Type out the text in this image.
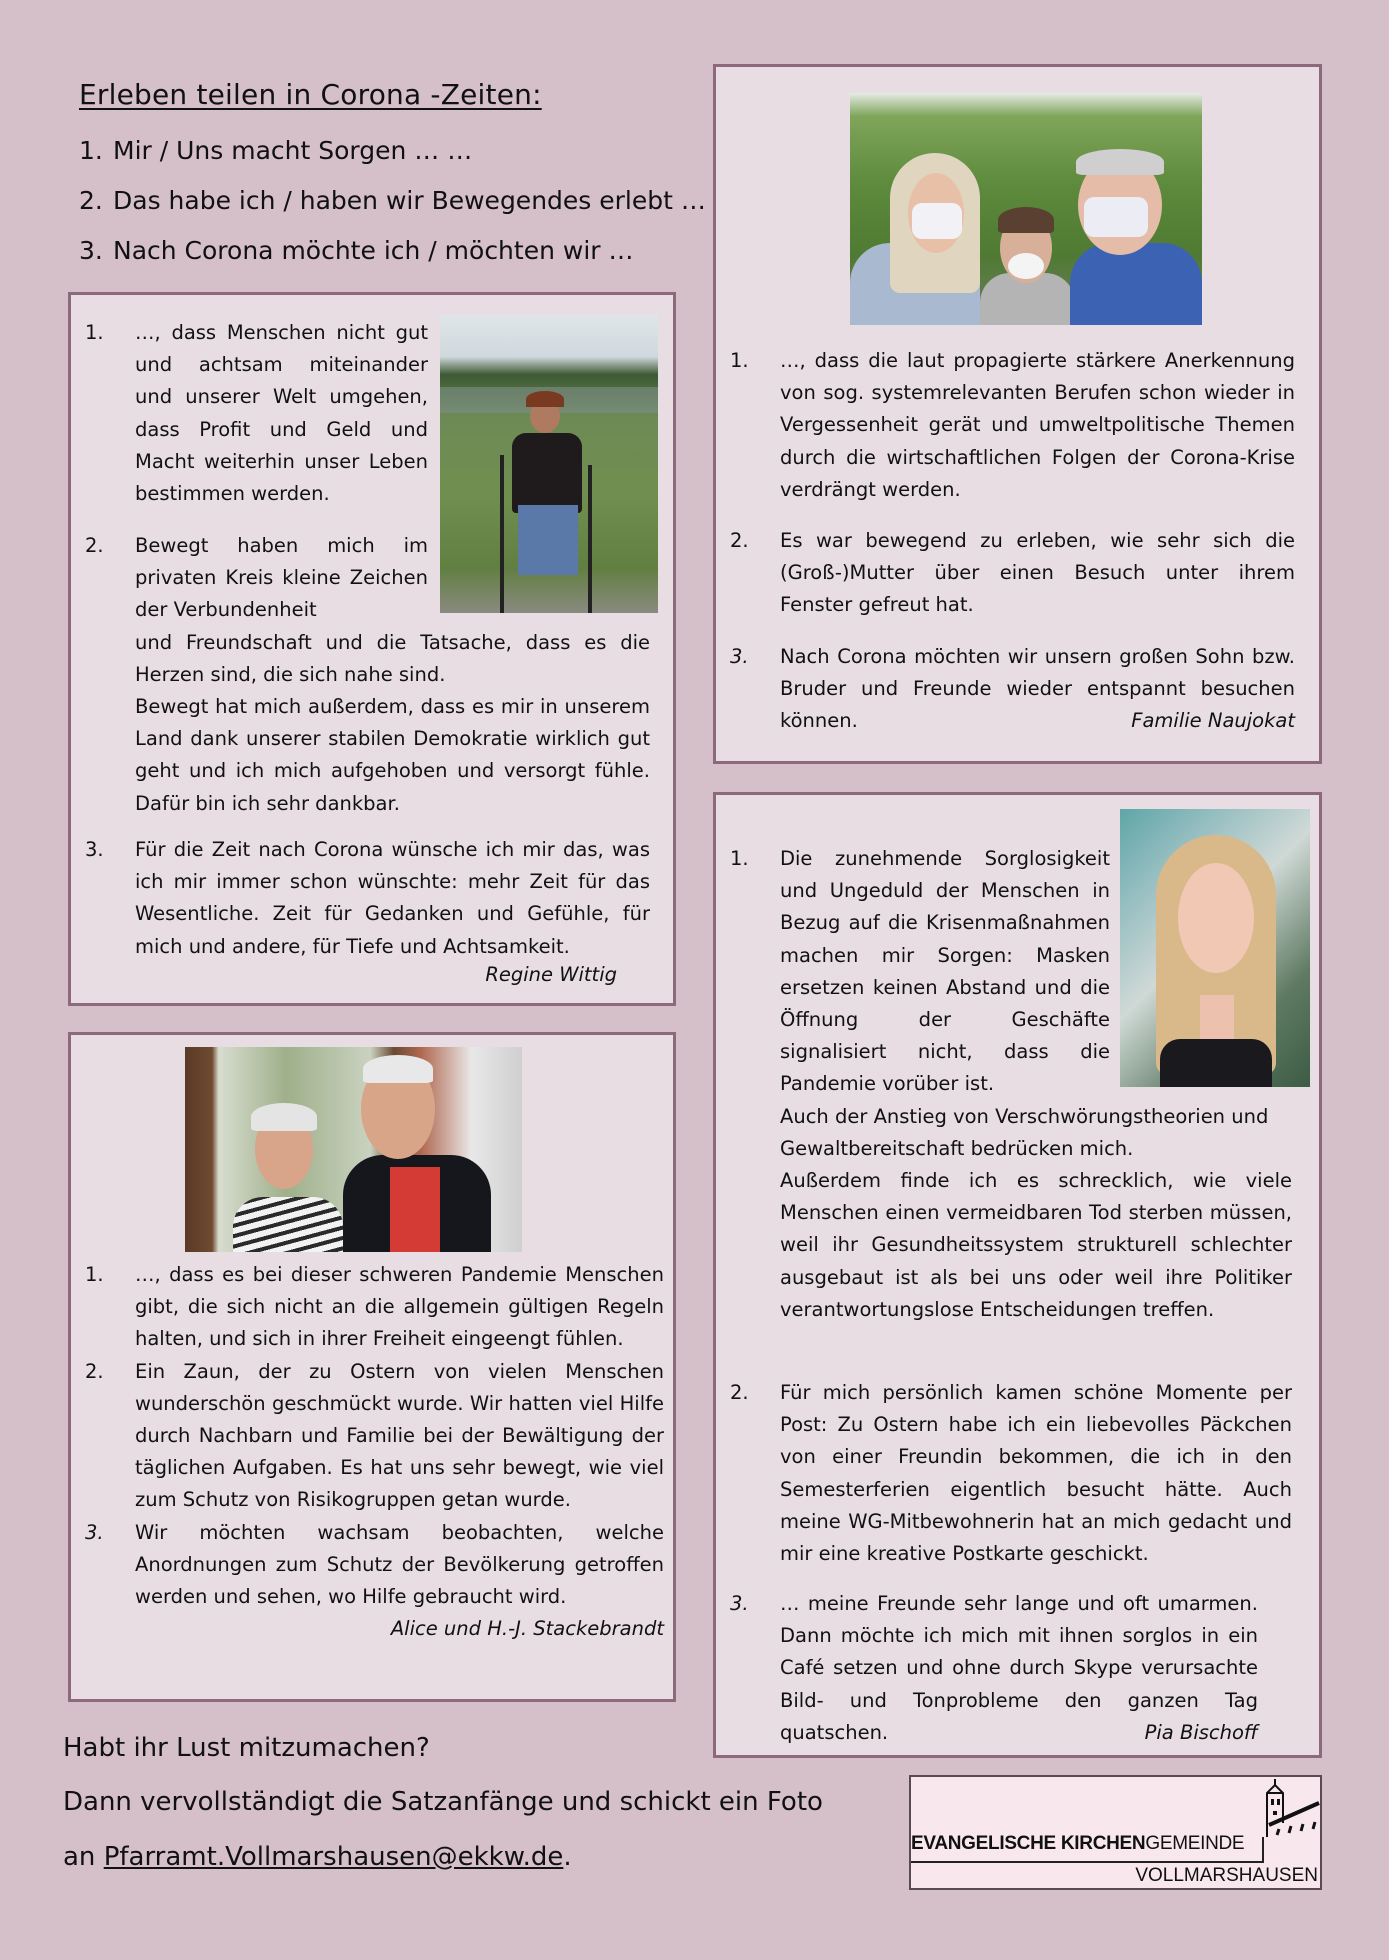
Erleben teilen in Corona -Zeiten:
1. Mir / Uns macht Sorgen … …
2. Das habe ich / haben wir Bewegendes erlebt …
3. Nach Corona möchte ich / möchten wir …
1. …, dass Menschen nicht gut und achtsam miteinander und unserer Welt umgehen, dass Profit und Geld und Macht weiterhin unser Leben bestimmen werden.
2. Bewegt haben mich im privaten Kreis kleine Zeichen der Verbundenheit
und Freundschaft und die Tatsache, dass es die Herzen sind, die sich nahe sind.
Bewegt hat mich außerdem, dass es mir in unserem Land dank unserer stabilen Demokratie wirklich gut geht und ich mich aufgehoben und versorgt fühle. Dafür bin ich sehr dankbar.
3. Für die Zeit nach Corona wünsche ich mir das, was ich mir immer schon wünschte: mehr Zeit für das Wesentliche. Zeit für Gedanken und Gefühle, für mich und andere, für Tiefe und Achtsamkeit.
Regine Wittig
1. …, dass es bei dieser schweren Pandemie Menschen gibt, die sich nicht an die allgemein gültigen Regeln halten, und sich in ihrer Freiheit eingeengt fühlen.
2. Ein Zaun, der zu Ostern von vielen Menschen wunderschön geschmückt wurde. Wir hatten viel Hilfe durch Nachbarn und Familie bei der Bewältigung der täglichen Aufgaben. Es hat uns sehr bewegt, wie viel zum Schutz von Risikogruppen getan wurde.
3. Wir möchten wachsam beobachten, welche Anordnungen zum Schutz der Bevölkerung getroffen werden und sehen, wo Hilfe gebraucht wird.
Alice und H.-J. Stackebrandt
1. …, dass die laut propagierte stärkere Anerkennung von sog. systemrelevanten Berufen schon wieder in Vergessenheit gerät und umweltpolitische Themen durch die wirtschaftlichen Folgen der Corona-Krise verdrängt werden.
2. Es war bewegend zu erleben, wie sehr sich die (Groß-)Mutter über einen Besuch unter ihrem Fenster gefreut hat.
3. Nach Corona möchten wir unsern großen Sohn bzw. Bruder und Freunde wieder entspannt besuchen können.	Familie Naujokat
1. Die zunehmende Sorglosigkeit und Ungeduld der Menschen in Bezug auf die Krisenmaßnahmen machen mir Sorgen: Masken ersetzen keinen Abstand und die Öffnung der Geschäfte signalisiert nicht, dass die Pandemie vorüber ist.
Auch der Anstieg von Verschwörungstheorien und Gewaltbereitschaft bedrücken mich.
Außerdem finde ich es schrecklich, wie viele Menschen einen vermeidbaren Tod sterben müssen, weil ihr Gesundheitssystem strukturell schlechter ausgebaut ist als bei uns oder weil ihre Politiker verantwortungslose Entscheidungen treffen.
2. Für mich persönlich kamen schöne Momente per Post: Zu Ostern habe ich ein liebevolles Päckchen von einer Freundin bekommen, die ich in den Semesterferien eigentlich besucht hätte. Auch meine WG-Mitbewohnerin hat an mich gedacht und mir eine kreative Postkarte geschickt.
3. … meine Freunde sehr lange und oft umarmen. Dann möchte ich mich mit ihnen sorglos in ein Café setzen und ohne durch Skype verursachte Bild- und Tonprobleme den ganzen Tag quatschen.	Pia Bischoff
Habt ihr Lust mitzumachen?
Dann vervollständigt die Satzanfänge und schickt ein Foto
an Pfarramt.Vollmarshausen@ekkw.de.	EVANGELISCHE KIRCHENGEMEINDE
VOLLMARSHAUSEN
